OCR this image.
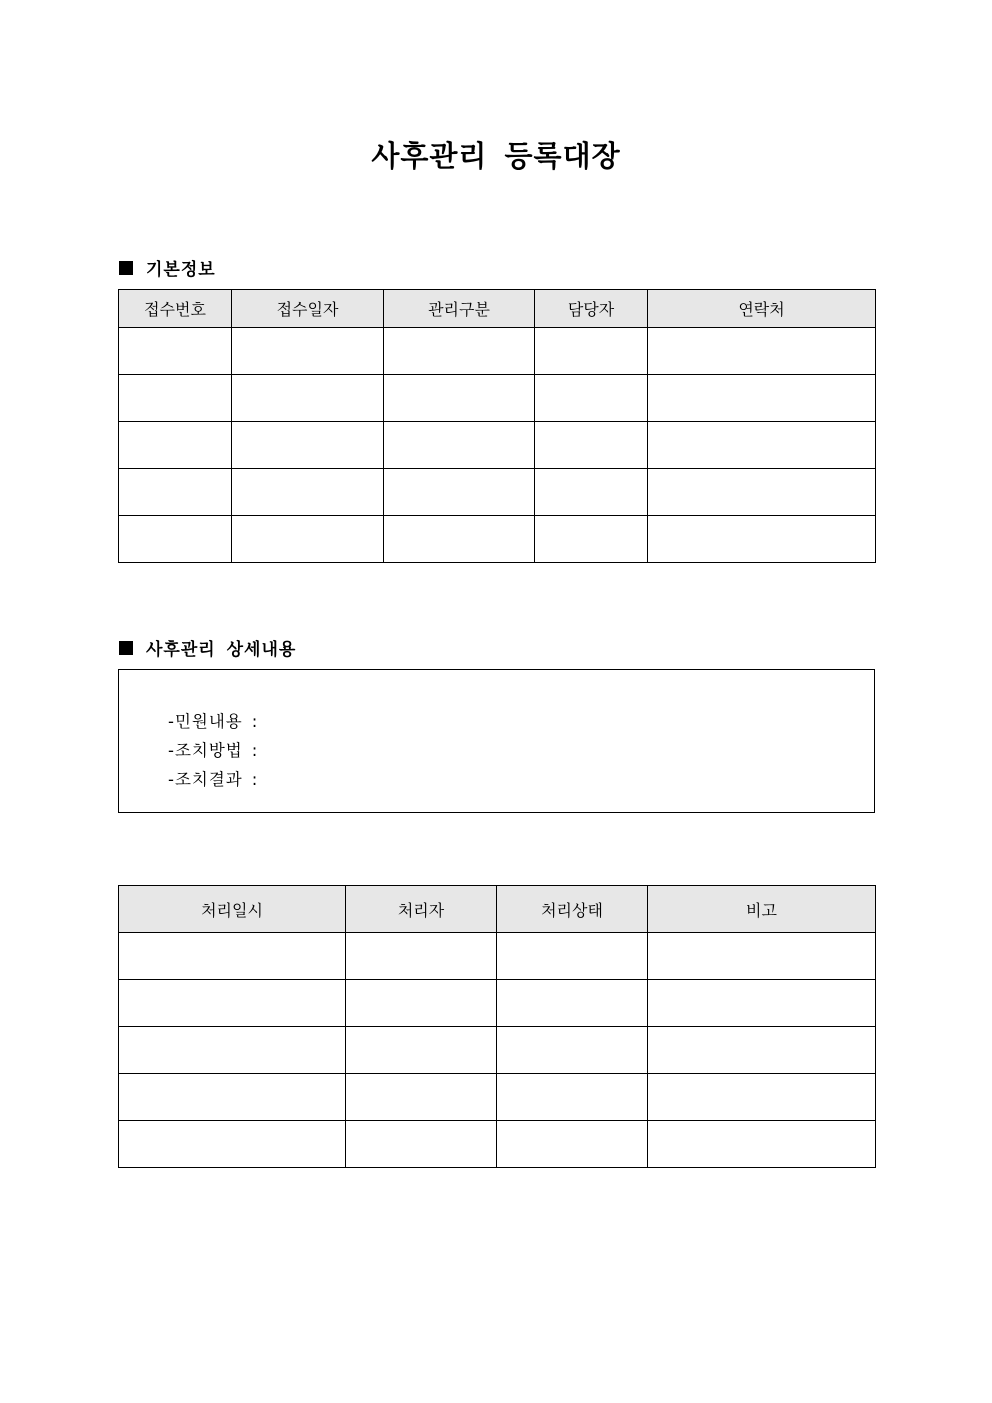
사후관리 등록대장
기본정보
접수번호	접수일자	관리구분	담당자	연락처

사후관리 상세내용

-민원내용 :

-조치방법 :

-조치결과 :

처리일시	처리자	처리상태	비고
